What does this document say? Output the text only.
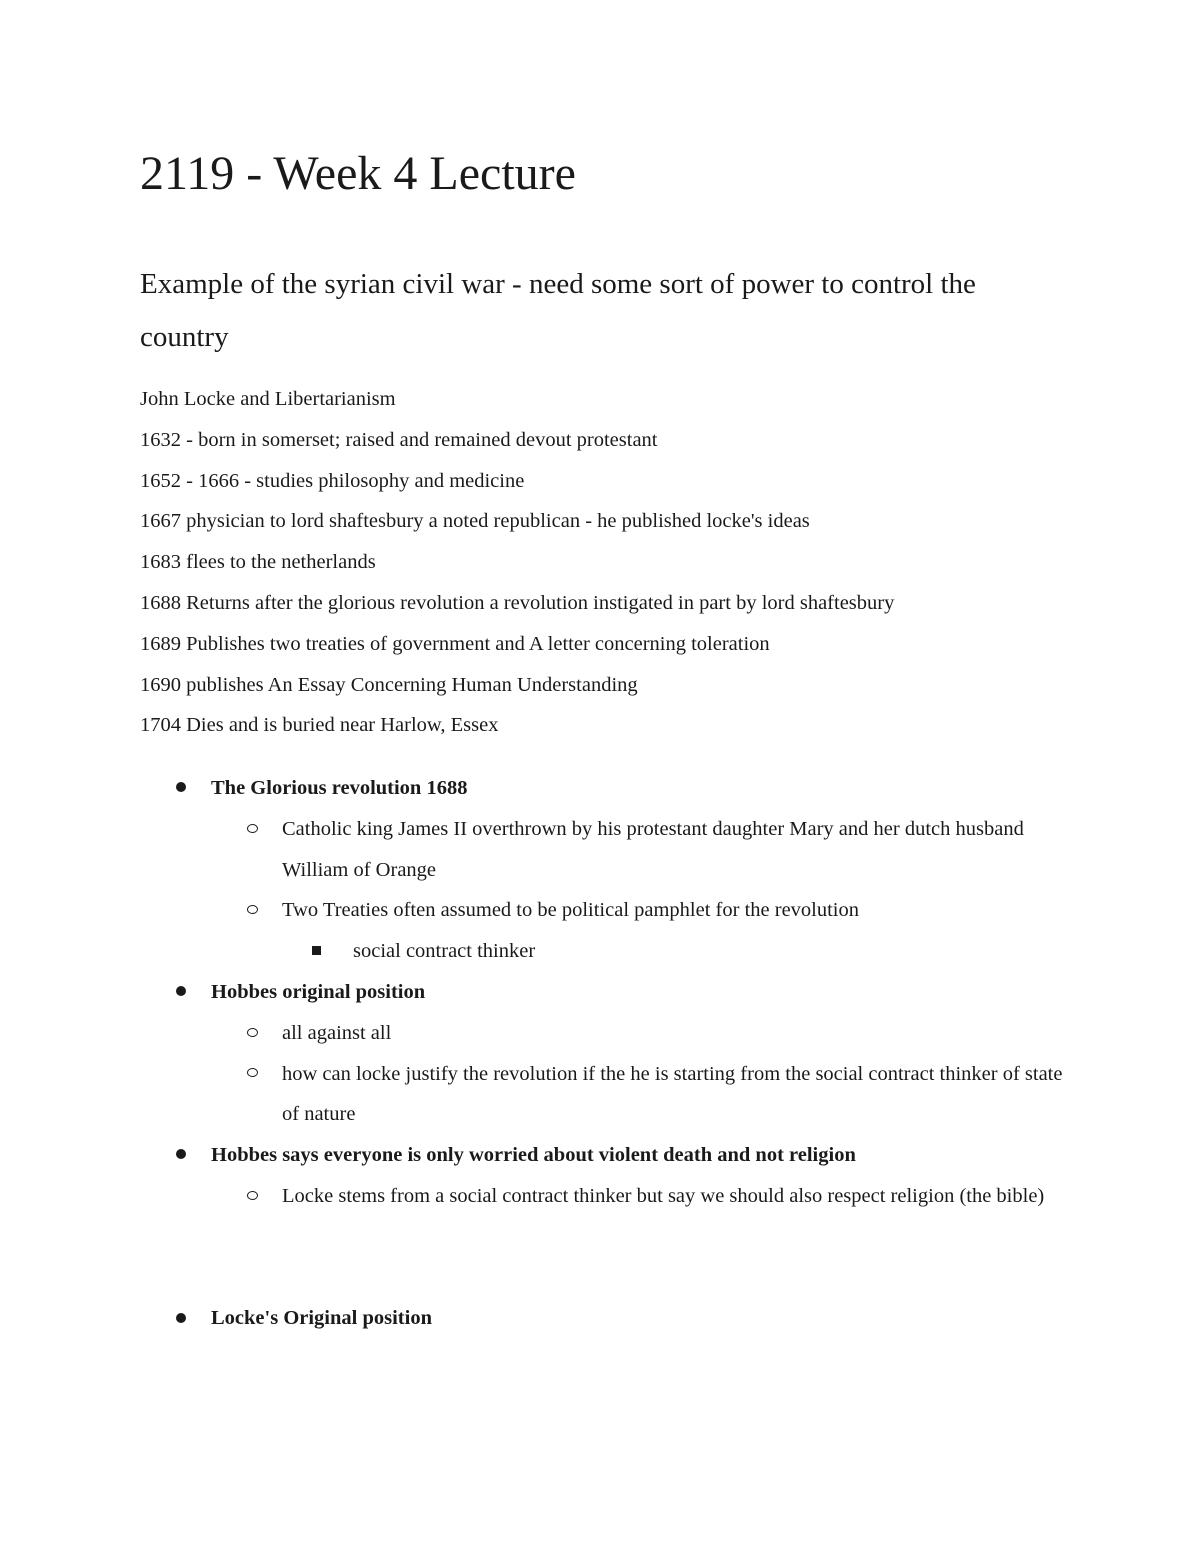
2119 - Week 4 Lecture
Example of the syrian civil war - need some sort of power to control the country
John Locke and Libertarianism
1632 - born in somerset; raised and remained devout protestant
1652 - 1666 - studies philosophy and medicine
1667 physician to lord shaftesbury a noted republican - he published locke's ideas
1683 flees to the netherlands
1688 Returns after the glorious revolution a revolution instigated in part by lord shaftesbury
1689 Publishes two treaties of government and A letter concerning toleration
1690 publishes An Essay Concerning Human Understanding
1704 Dies and is buried near Harlow, Essex
The Glorious revolution 1688
Catholic king James II overthrown by his protestant daughter Mary and her dutch husband William of Orange
Two Treaties often assumed to be political pamphlet for the revolution
social contract thinker
Hobbes original position
all against all
how can locke justify the revolution if the he is starting from the social contract thinker of state of nature
Hobbes says everyone is only worried about violent death and not religion
Locke stems from a social contract thinker but say we should also respect religion (the bible)
Locke's Original position
